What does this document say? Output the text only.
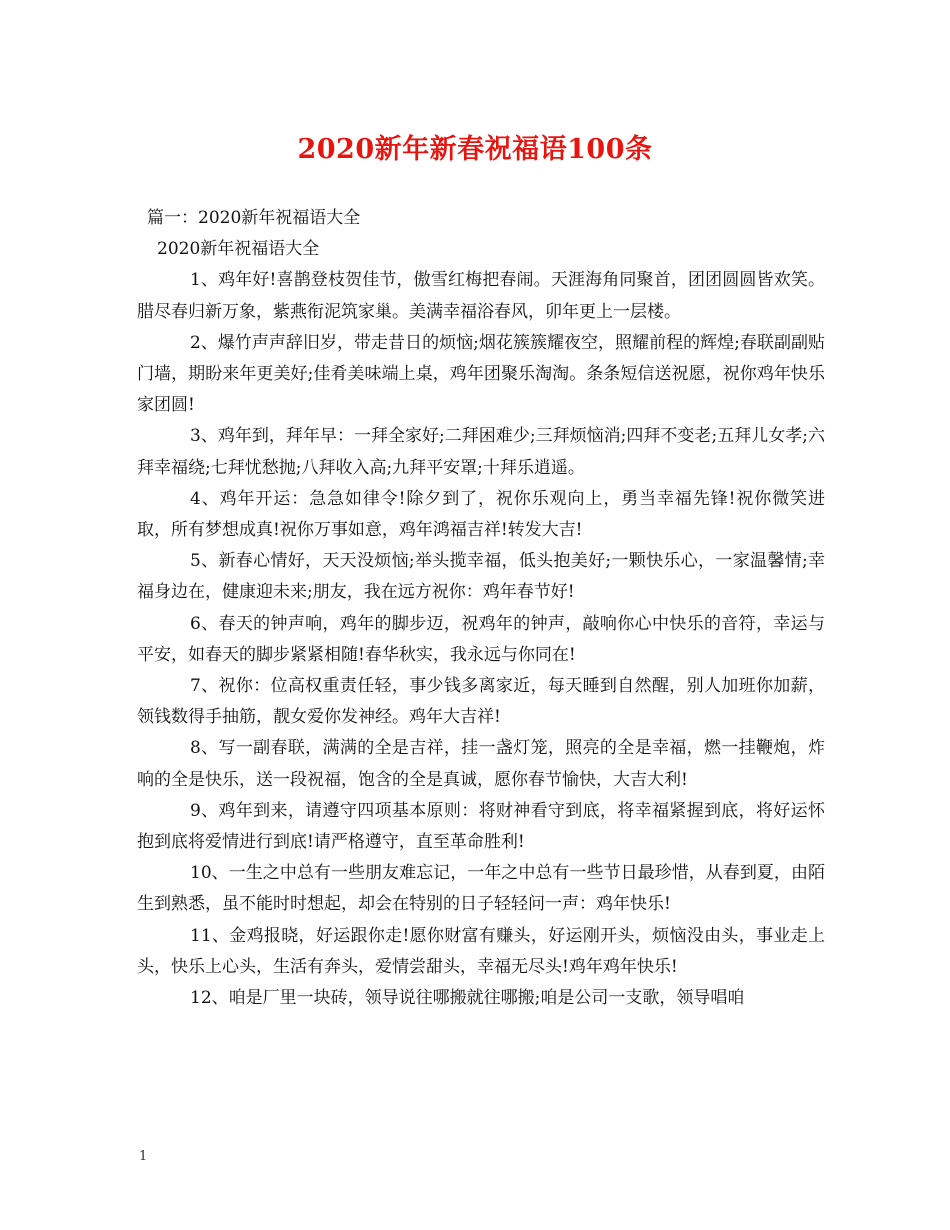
2020新年新春祝福语100条
篇一：2020新年祝福语大全
2020新年祝福语大全
1、鸡年好!喜鹊登枝贺佳节，傲雪红梅把春闹。天涯海角同聚首，团团圆圆皆欢笑。腊尽春归新万象，紫燕衔泥筑家巢。美满幸福浴春风，卯年更上一层楼。
2、爆竹声声辞旧岁，带走昔日的烦恼;烟花簇簇耀夜空，照耀前程的辉煌;春联副副贴门墙，期盼来年更美好;佳肴美味端上桌，鸡年团聚乐淘淘。条条短信送祝愿，祝你鸡年快乐家团圆!
3、鸡年到，拜年早：一拜全家好;二拜困难少;三拜烦恼消;四拜不变老;五拜儿女孝;六拜幸福绕;七拜忧愁抛;八拜收入高;九拜平安罩;十拜乐逍遥。
4、鸡年开运：急急如律令!除夕到了，祝你乐观向上，勇当幸福先锋!祝你微笑进取，所有梦想成真!祝你万事如意，鸡年鸿福吉祥!转发大吉!
5、新春心情好，天天没烦恼;举头揽幸福，低头抱美好;一颗快乐心，一家温馨情;幸福身边在，健康迎未来;朋友，我在远方祝你：鸡年春节好!
6、春天的钟声响，鸡年的脚步迈，祝鸡年的钟声，敲响你心中快乐的音符，幸运与平安，如春天的脚步紧紧相随!春华秋实，我永远与你同在!
7、祝你：位高权重责任轻，事少钱多离家近，每天睡到自然醒，别人加班你加薪，领钱数得手抽筋，靓女爱你发神经。鸡年大吉祥!
8、写一副春联，满满的全是吉祥，挂一盏灯笼，照亮的全是幸福，燃一挂鞭炮，炸响的全是快乐，送一段祝福，饱含的全是真诚，愿你春节愉快，大吉大利!
9、鸡年到来，请遵守四项基本原则：将财神看守到底，将幸福紧握到底，将好运怀抱到底将爱情进行到底!请严格遵守，直至革命胜利!
10、一生之中总有一些朋友难忘记，一年之中总有一些节日最珍惜，从春到夏，由陌生到熟悉，虽不能时时想起，却会在特别的日子轻轻问一声：鸡年快乐!
11、金鸡报晓，好运跟你走!愿你财富有赚头，好运刚开头，烦恼没由头，事业走上头，快乐上心头，生活有奔头，爱情尝甜头，幸福无尽头!鸡年鸡年快乐!
12、咱是厂里一块砖，领导说往哪搬就往哪搬;咱是公司一支歌，领导唱咱
1
